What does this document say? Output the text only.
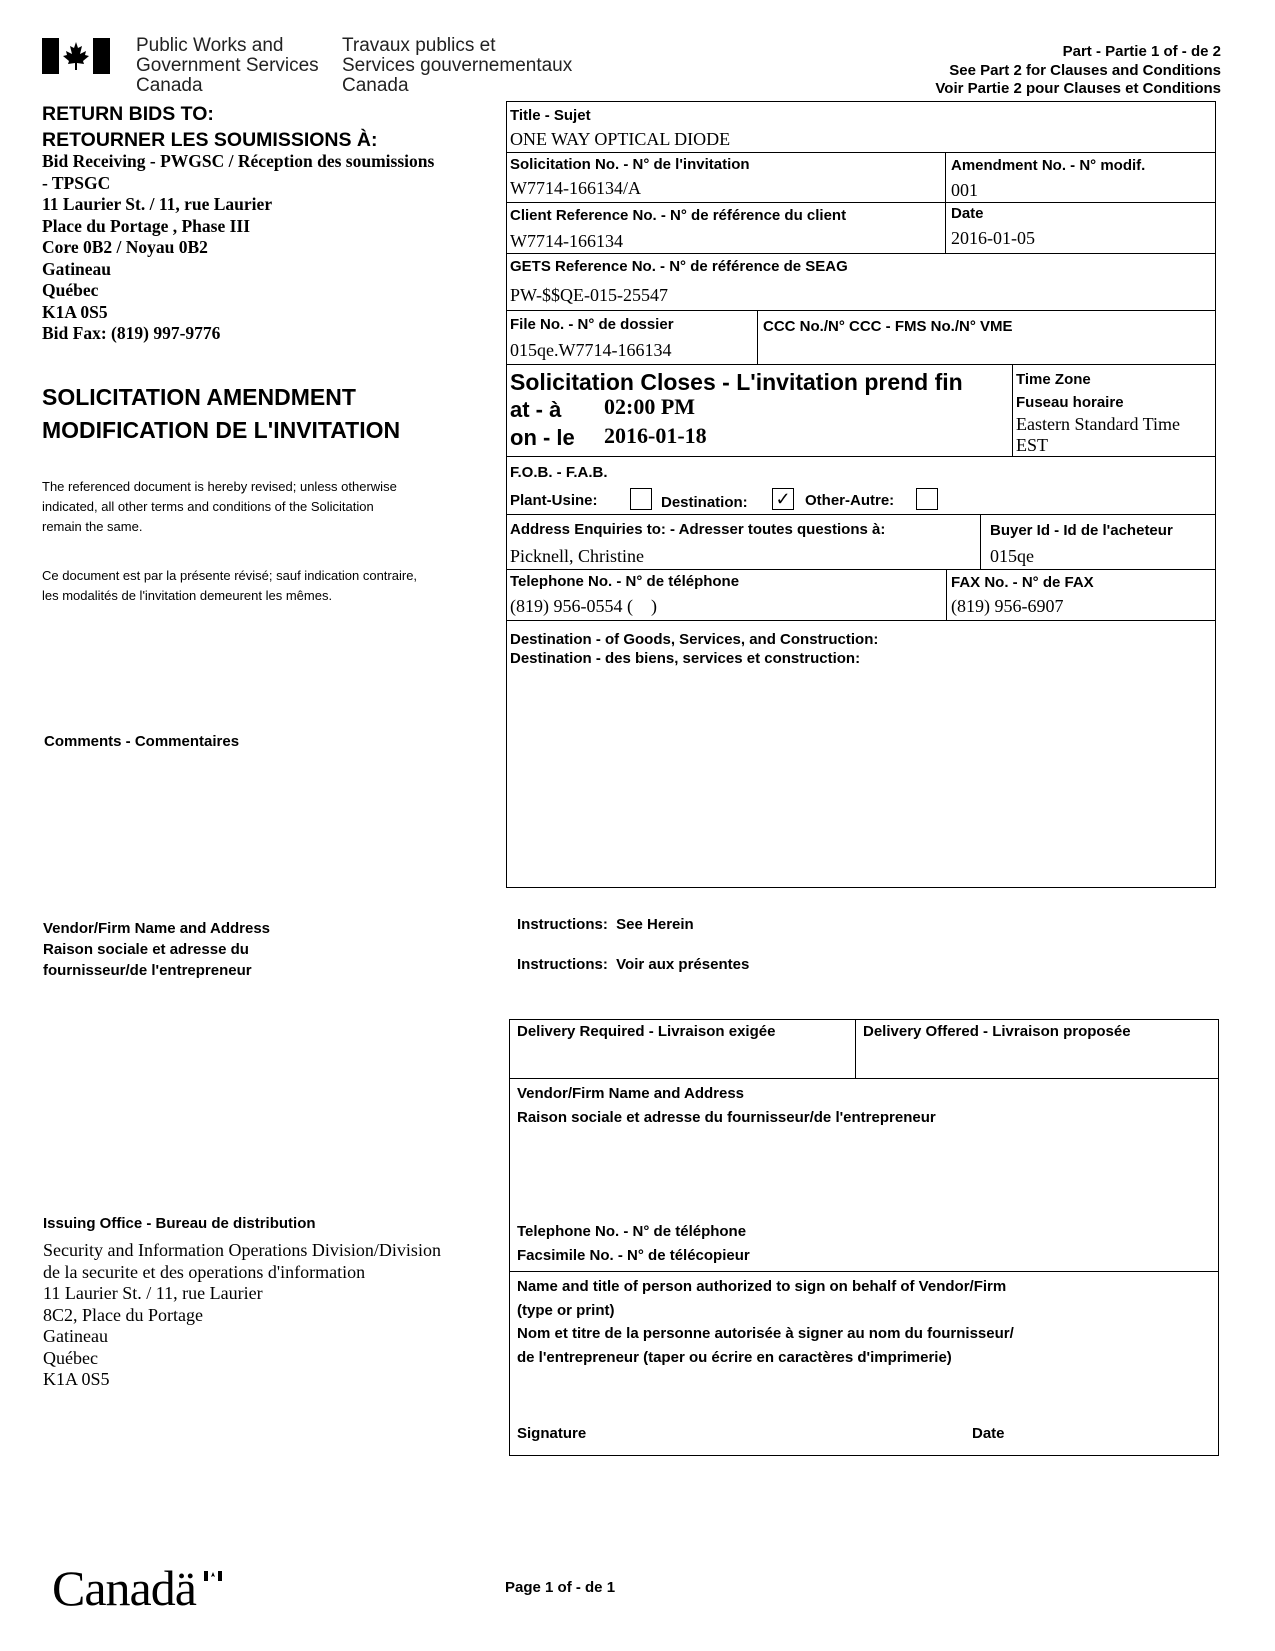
Public Works and
Government Services
Canada
Travaux publics et
Services gouvernementaux
Canada
Part - Partie 1 of - de 2
See Part 2 for Clauses and Conditions
Voir Partie 2 pour Clauses et Conditions
RETURN BIDS TO:
RETOURNER LES SOUMISSIONS À:
Bid Receiving - PWGSC / Réception des soumissions
- TPSGC
11 Laurier St. / 11, rue Laurier
Place du Portage , Phase III
Core 0B2 / Noyau 0B2
Gatineau
Québec
K1A 0S5
Bid Fax: (819) 997-9776
SOLICITATION AMENDMENT
MODIFICATION DE L'INVITATION
The referenced document is hereby revised; unless otherwise
indicated, all other terms and conditions of the Solicitation
remain the same.
Ce document est par la présente révisé; sauf indication contraire,
les modalités de l'invitation demeurent les mêmes.
Comments - Commentaires
Vendor/Firm Name and Address
Raison sociale et adresse du
fournisseur/de l'entrepreneur
Issuing Office - Bureau de distribution
Security and Information Operations Division/Division
de la securite et des operations d'information
11 Laurier St. / 11, rue Laurier
8C2, Place du Portage
Gatineau
Québec
K1A 0S5
Title - Sujet
ONE WAY OPTICAL DIODE
Solicitation No. - N° de l'invitation
W7714-166134/A
Amendment No. - N° modif.
001
Client Reference No. - N° de référence du client
W7714-166134
Date
2016-01-05
GETS Reference No. - N° de référence de SEAG
PW-$$QE-015-25547
File No. - N° de dossier
015qe.W7714-166134
CCC No./N° CCC - FMS No./N° VME
Solicitation Closes - L'invitation prend fin
at - à 02:00 PM
on - le 2016-01-18
Time Zone
Fuseau horaire
Eastern Standard Time
EST
F.O.B. - F.A.B.
Plant-Usine:	Destination: ✓ Other-Autre:
Address Enquiries to: - Adresser toutes questions à:
Picknell, Christine
Buyer Id - Id de l'acheteur
015qe
Telephone No. - N° de téléphone
(819) 956-0554 (    )
FAX No. - N° de FAX
(819) 956-6907
Destination - of Goods, Services, and Construction:
Destination - des biens, services et construction:
Instructions:  See Herein
Instructions:  Voir aux présentes
Delivery Required - Livraison exigée	Delivery Offered - Livraison proposée
Vendor/Firm Name and Address
Raison sociale et adresse du fournisseur/de l'entrepreneur
Telephone No. - N° de téléphone
Facsimile No. - N° de télécopieur
Name and title of person authorized to sign on behalf of Vendor/Firm
(type or print)
Nom et titre de la personne autorisée à signer au nom du fournisseur/
de l'entrepreneur (taper ou écrire en caractères d'imprimerie)
Signature	Date
Canadä	Page 1 of - de 1
